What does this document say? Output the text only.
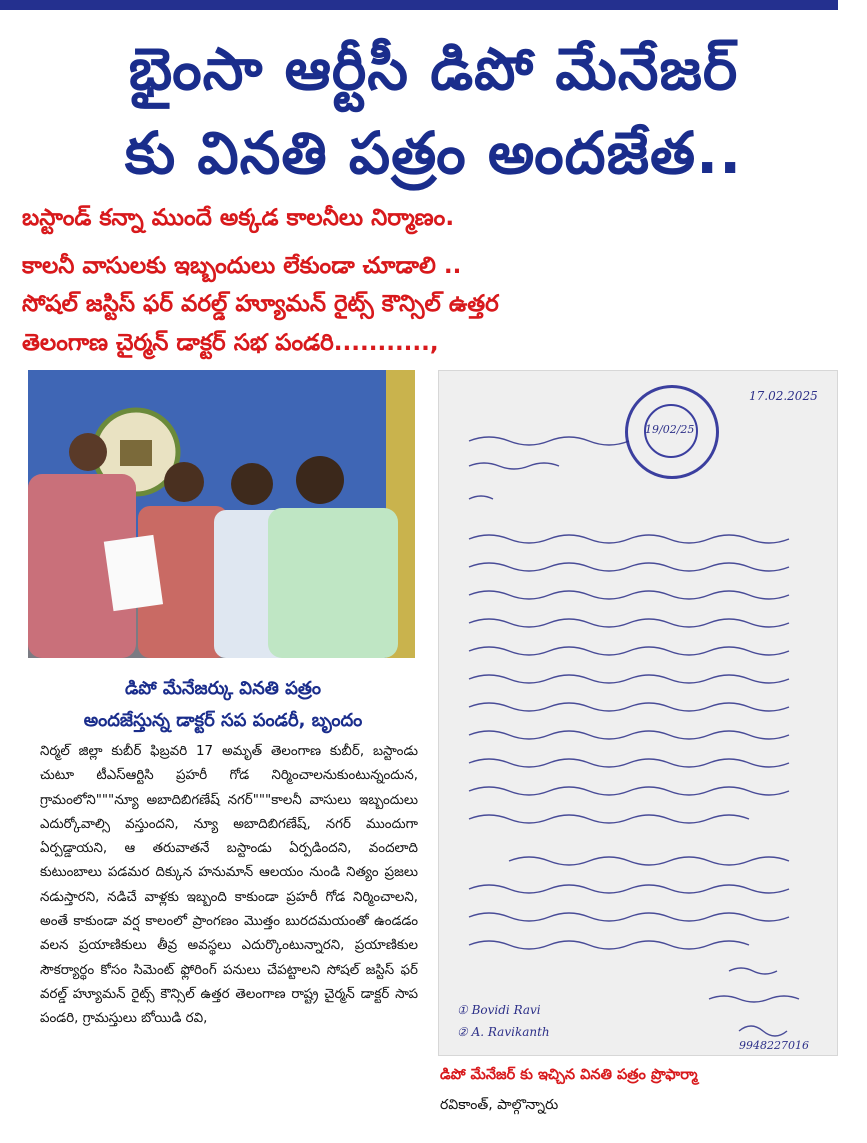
భైంసా ఆర్టీసీ డిపో మేనేజర్
కు వినతి పత్రం అందజేత..
బస్టాండ్ కన్నా ముందే అక్కడ కాలనీలు నిర్మాణం.
కాలనీ వాసులకు ఇబ్బందులు లేకుండా చూడాలి ..
సోషల్ జస్టిస్ ఫర్ వరల్డ్ హ్యూమన్ రైట్స్ కౌన్సిల్ ఉత్తర
తెలంగాణ చైర్మన్ డాక్టర్ సభ పండరి...........,
డిపో మేనేజర్కు వినతి పత్రం
అందజేస్తున్న డాక్టర్ సప పండరీ, బృందం
నిర్మల్ జిల్లా కుబీర్ ఫిబ్రవరి 17 అమృత్ తెలంగాణ కుబీర్, బస్టాండు చుటూ టీఎస్ఆర్టిసి ప్రహరీ గోడ నిర్మించాలనుకుంటున్నందున, గ్రామంలోని"""న్యూ అబాదిబిగణేష్ నగర్"""కాలనీ వాసులు ఇబ్బందులు ఎదుర్కోవాల్సి వస్తుందని, న్యూ అబాదిబిగణేష్, నగర్ ముందుగా ఏర్పడ్డాయని, ఆ తరువాతనే బస్టాండు ఏర్పడిందని, వందలాది కుటుంబాలు పడమర దిక్కున హనుమాన్ ఆలయం నుండి నిత్యం ప్రజలు నడుస్తారని, నడిచే వాళ్లకు ఇబ్బంది కాకుండా ప్రహరీ గోడ నిర్మించాలని, అంతే కాకుండా వర్ష కాలంలో ప్రాంగణం మొత్తం బురదమయంతో ఉండడం వలన ప్రయాణికులు తీవ్ర అవస్థలు ఎదుర్కొంటున్నారని, ప్రయాణికుల సౌకర్యార్థం కోసం సిమెంట్ ఫ్లోరింగ్ పనులు చేపట్టాలని సోషల్ జస్టిస్ ఫర్ వరల్డ్ హ్యూమన్ రైట్స్ కౌన్సిల్ ఉత్తర తెలంగాణ రాష్ట్ర చైర్మన్ డాక్టర్ సాప పండరి, గ్రామస్తులు బోయిడి రవి,
19/02/25
17.02.2025
① Bovidi Ravi
② A. Ravikanth
9948227016
డిపో మేనేజర్ కు ఇచ్చిన వినతి పత్రం ప్రొఫార్మా
రవికాంత్, పాల్గొన్నారు
